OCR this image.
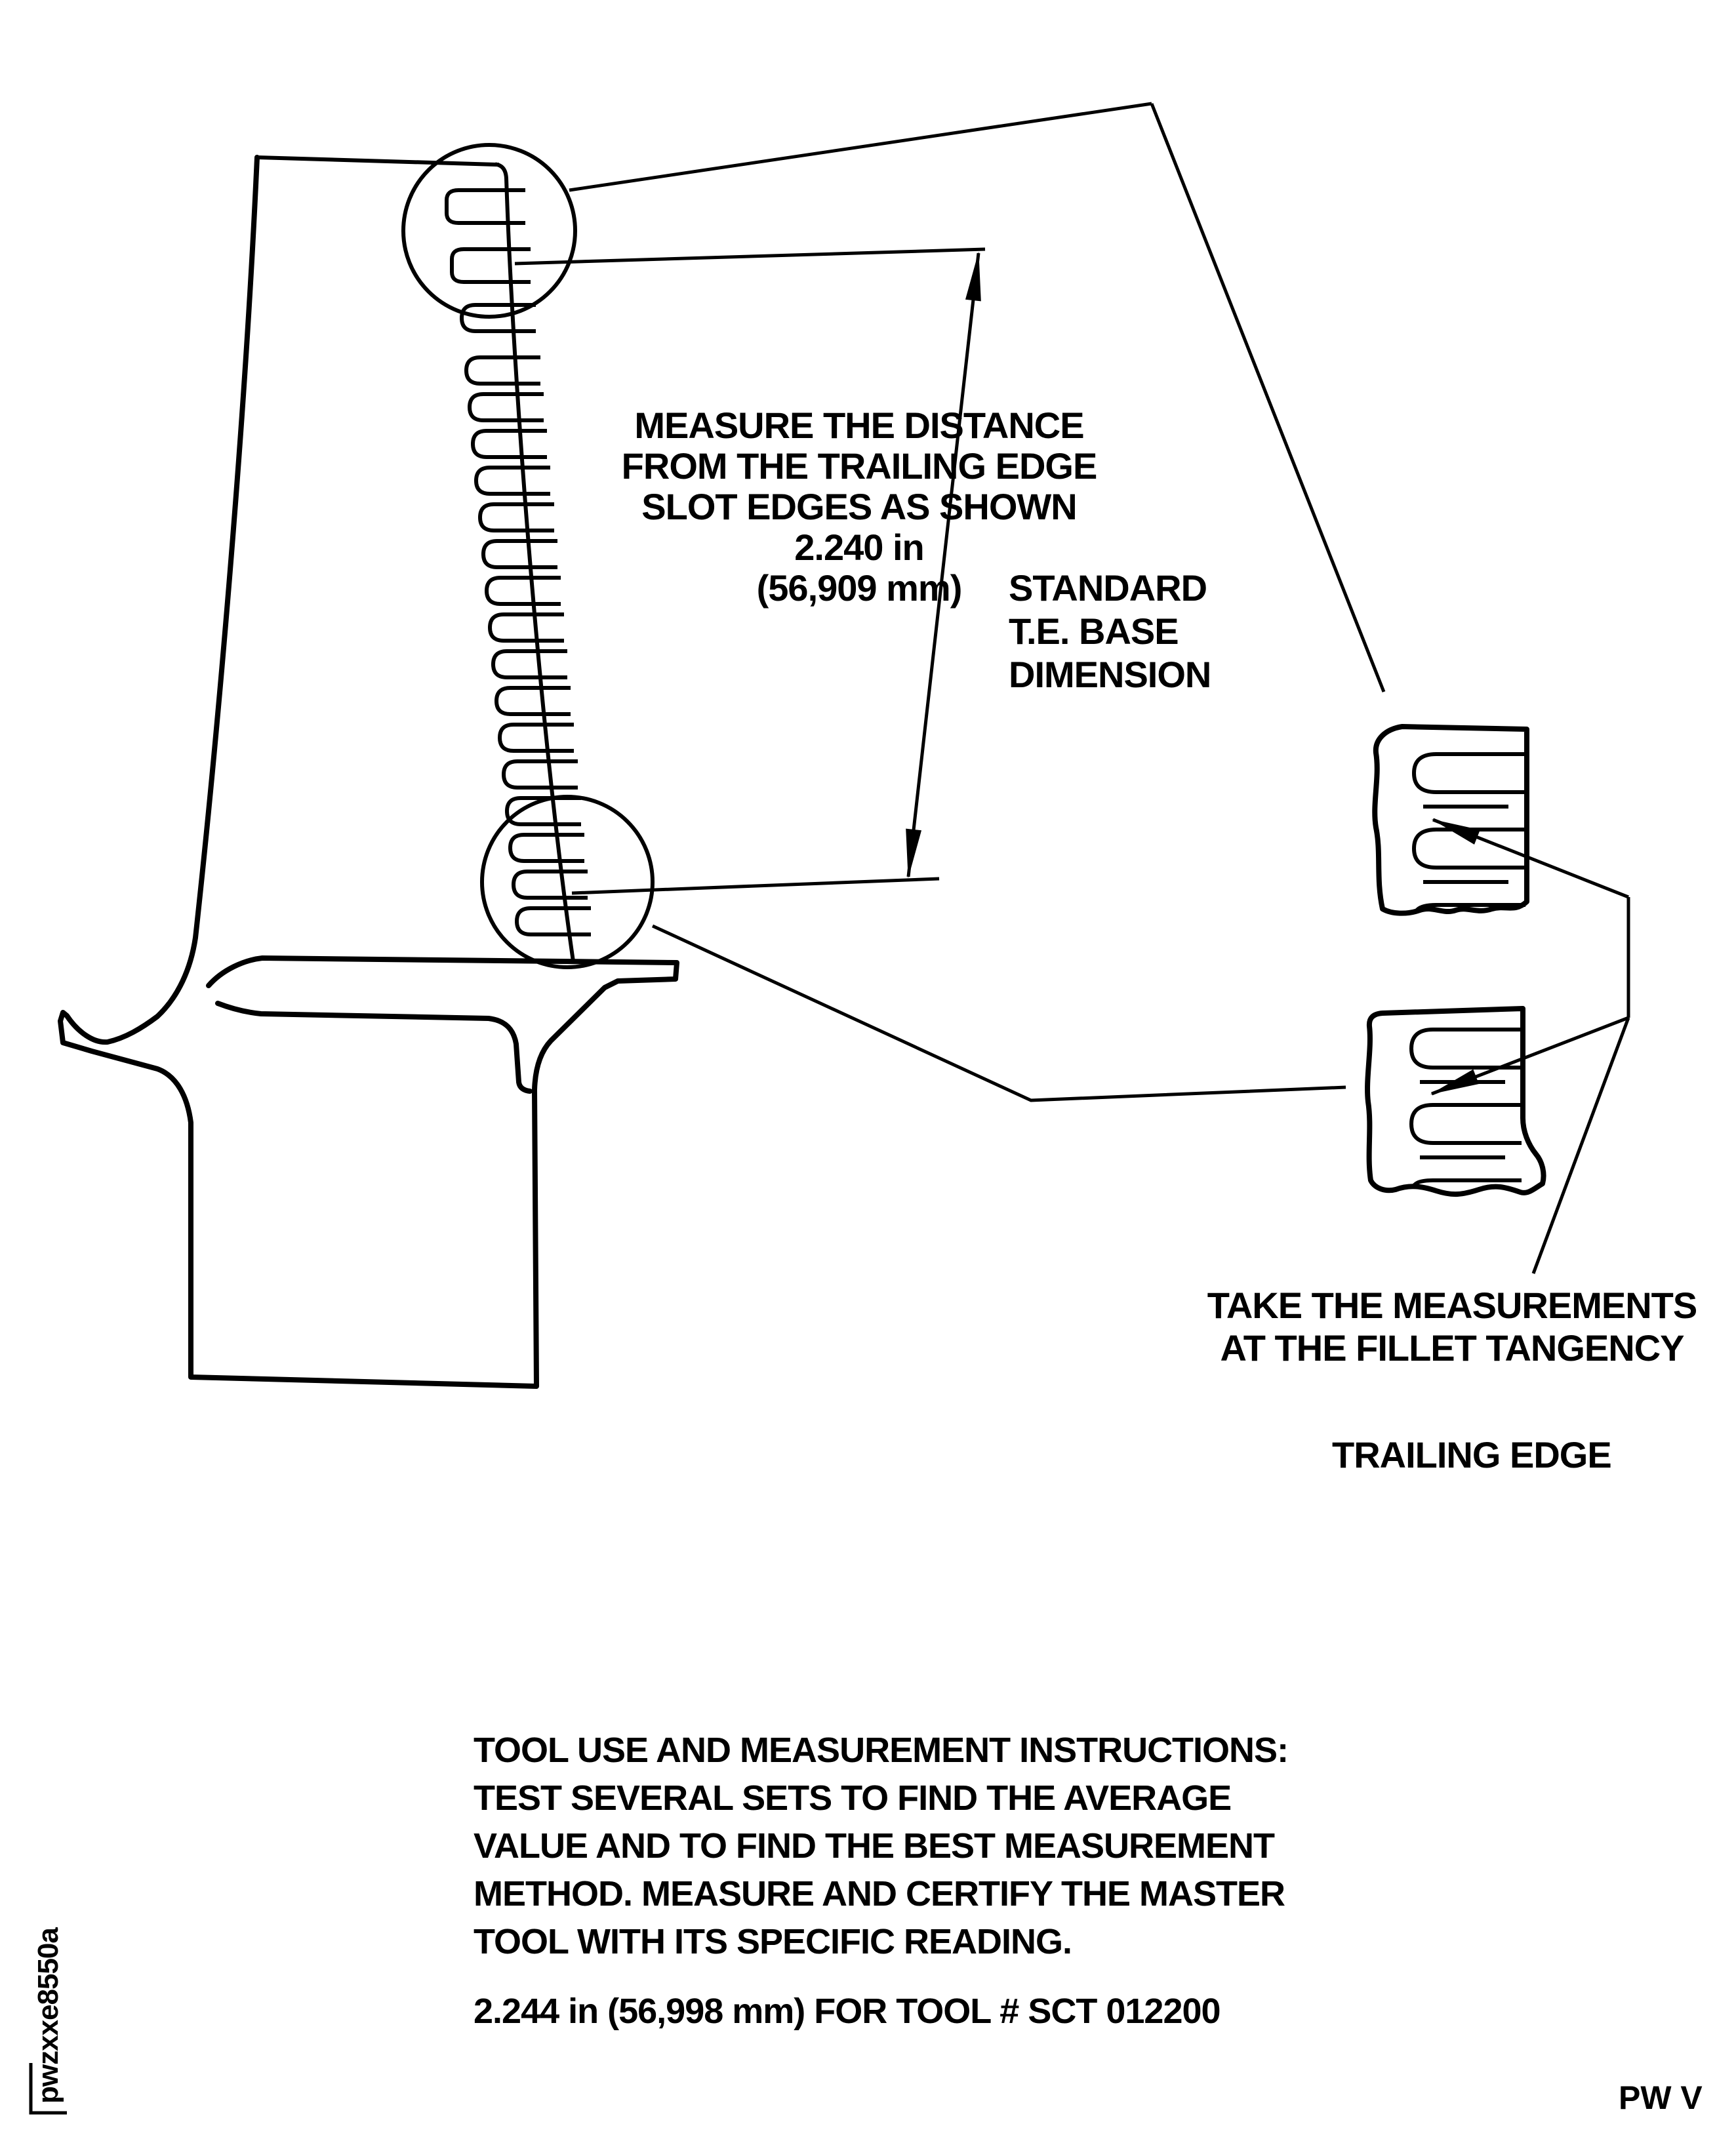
MEASURE THE DISTANCE
FROM THE TRAILING EDGE
SLOT EDGES AS SHOWN
2.240 in
(56,909 mm) STANDARD
T.E. BASE
DIMENSION
TAKE THE MEASUREMENTS
AT THE FILLET TANGENCY
TRAILING EDGE
TOOL USE AND MEASUREMENT INSTRUCTIONS:
TEST SEVERAL SETS TO FIND THE AVERAGE
VALUE AND TO FIND THE BEST MEASUREMENT
METHOD. MEASURE AND CERTIFY THE MASTER
TOOL WITH ITS SPECIFIC READING.
2.244 in (56,998 mm) FOR TOOL # SCT 012200
pwzxxe8550a	PW V
